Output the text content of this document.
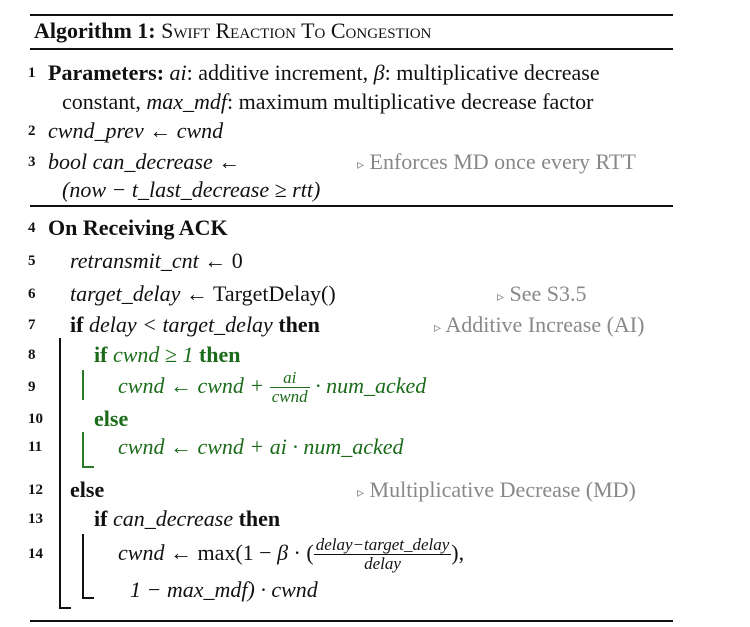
Algorithm 1: Swift Reaction To Congestion
1 Parameters: ai: additive increment, β: multiplicative decrease
constant, max_mdf: maximum multiplicative decrease factor
2 cwnd_prev ← cwnd
3 bool can_decrease ←	▹ Enforces MD once every RTT
(now − t_last_decrease ≥ rtt)
4 On Receiving ACK
5 retransmit_cnt ← 0
6 target_delay ← TargetDelay()	▹ See S3.5
7 if delay < target_delay then	▹ Additive Increase (AI)
8	if cwnd ≥ 1 then
9	cwnd ← cwnd + $\frac{ai}{\text{cwnd}}$ · num_acked
10 else
11	cwnd ← cwnd + ai · num_acked
12 else	▹ Multiplicative Decrease (MD)
13 if can_decrease then
14	cwnd ← max(1 − β · ( $\frac{\text{delay−target\_delay}}{\text{delay}}$ ),
1 − max_mdf) · cwnd
